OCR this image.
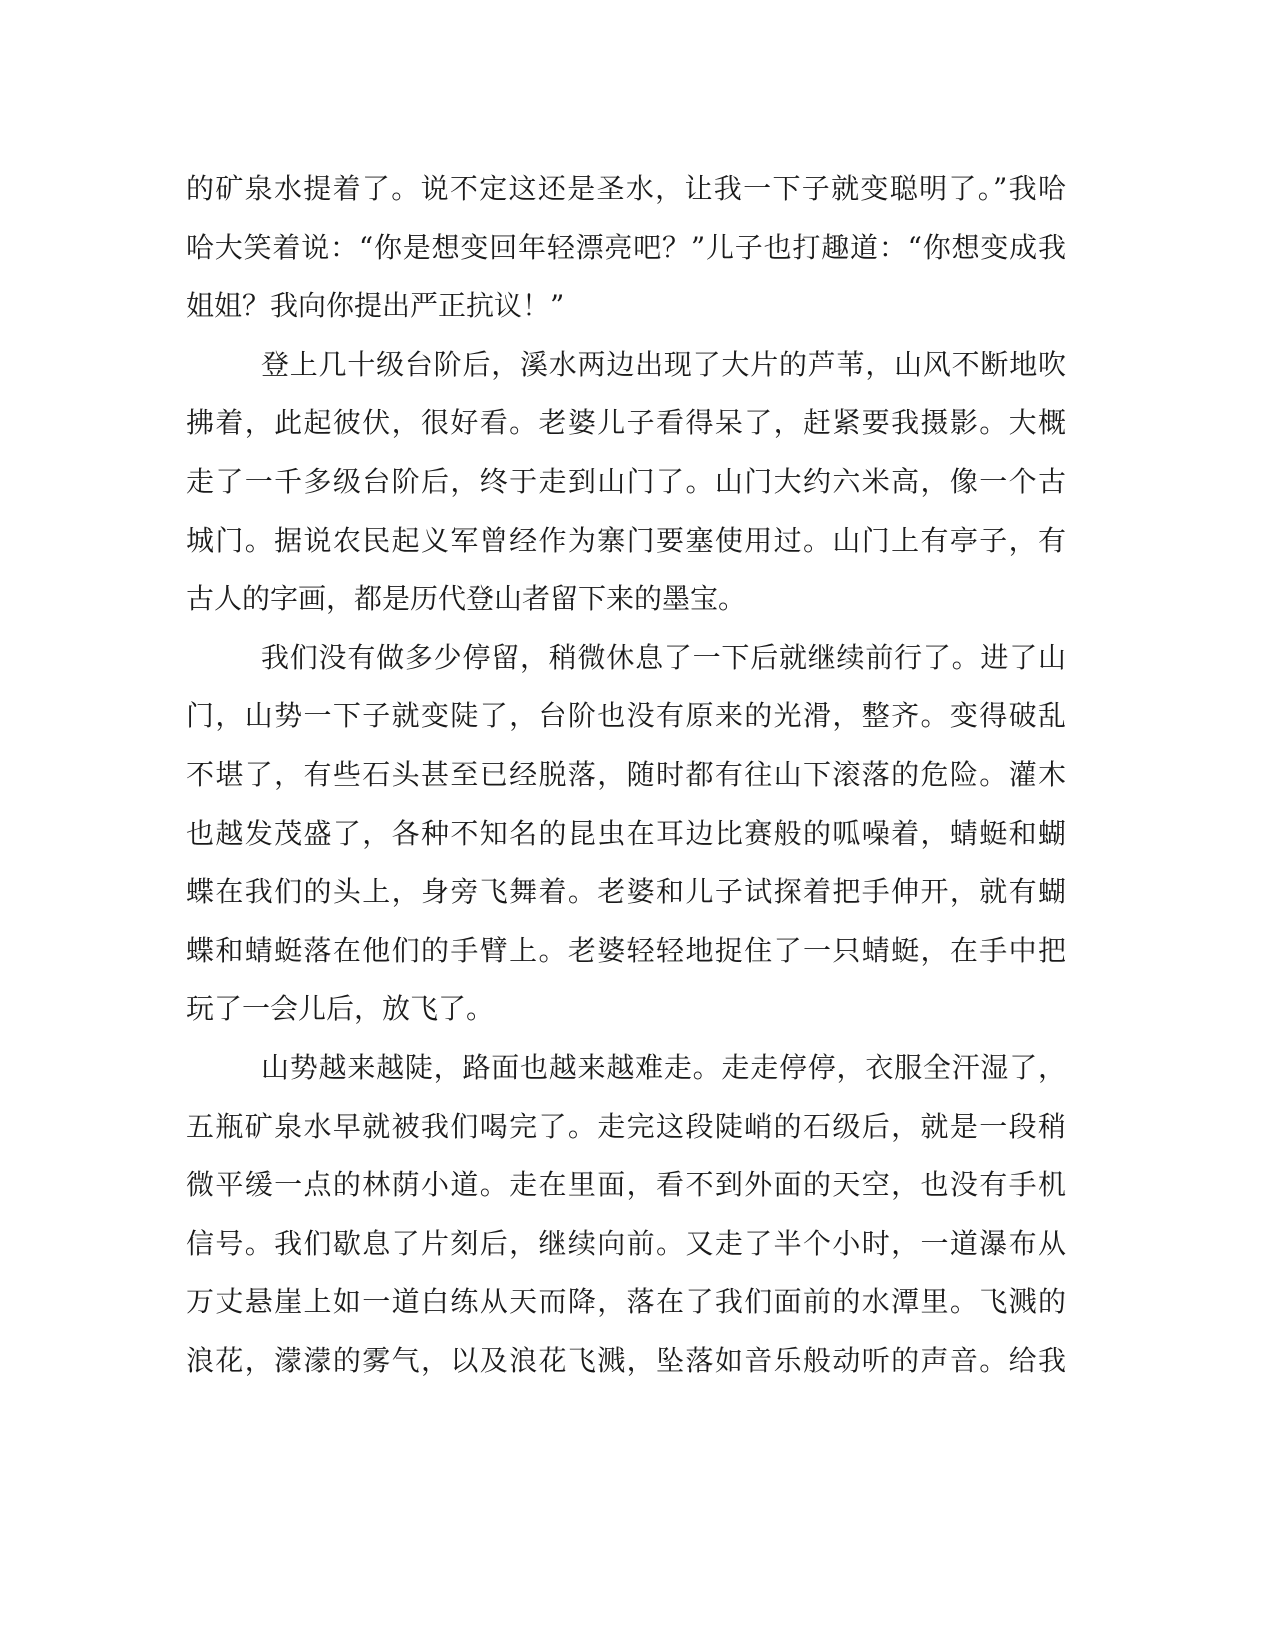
的矿泉水提着了。说不定这还是圣水，让我一下子就变聪明了。”我哈
哈大笑着说：“你是想变回年轻漂亮吧？”儿子也打趣道：“你想变成我
姐姐？我向你提出严正抗议！”
登上几十级台阶后，溪水两边出现了大片的芦苇，山风不断地吹
拂着，此起彼伏，很好看。老婆儿子看得呆了，赶紧要我摄影。大概
走了一千多级台阶后，终于走到山门了。山门大约六米高，像一个古
城门。据说农民起义军曾经作为寨门要塞使用过。山门上有亭子，有
古人的字画，都是历代登山者留下来的墨宝。
我们没有做多少停留，稍微休息了一下后就继续前行了。进了山
门，山势一下子就变陡了，台阶也没有原来的光滑，整齐。变得破乱
不堪了，有些石头甚至已经脱落，随时都有往山下滚落的危险。灌木
也越发茂盛了，各种不知名的昆虫在耳边比赛般的呱噪着，蜻蜓和蝴
蝶在我们的头上，身旁飞舞着。老婆和儿子试探着把手伸开，就有蝴
蝶和蜻蜓落在他们的手臂上。老婆轻轻地捉住了一只蜻蜓，在手中把
玩了一会儿后，放飞了。
山势越来越陡，路面也越来越难走。走走停停，衣服全汗湿了，
五瓶矿泉水早就被我们喝完了。走完这段陡峭的石级后，就是一段稍
微平缓一点的林荫小道。走在里面，看不到外面的天空，也没有手机
信号。我们歇息了片刻后，继续向前。又走了半个小时，一道瀑布从
万丈悬崖上如一道白练从天而降，落在了我们面前的水潭里。飞溅的
浪花，濛濛的雾气，以及浪花飞溅，坠落如音乐般动听的声音。给我
